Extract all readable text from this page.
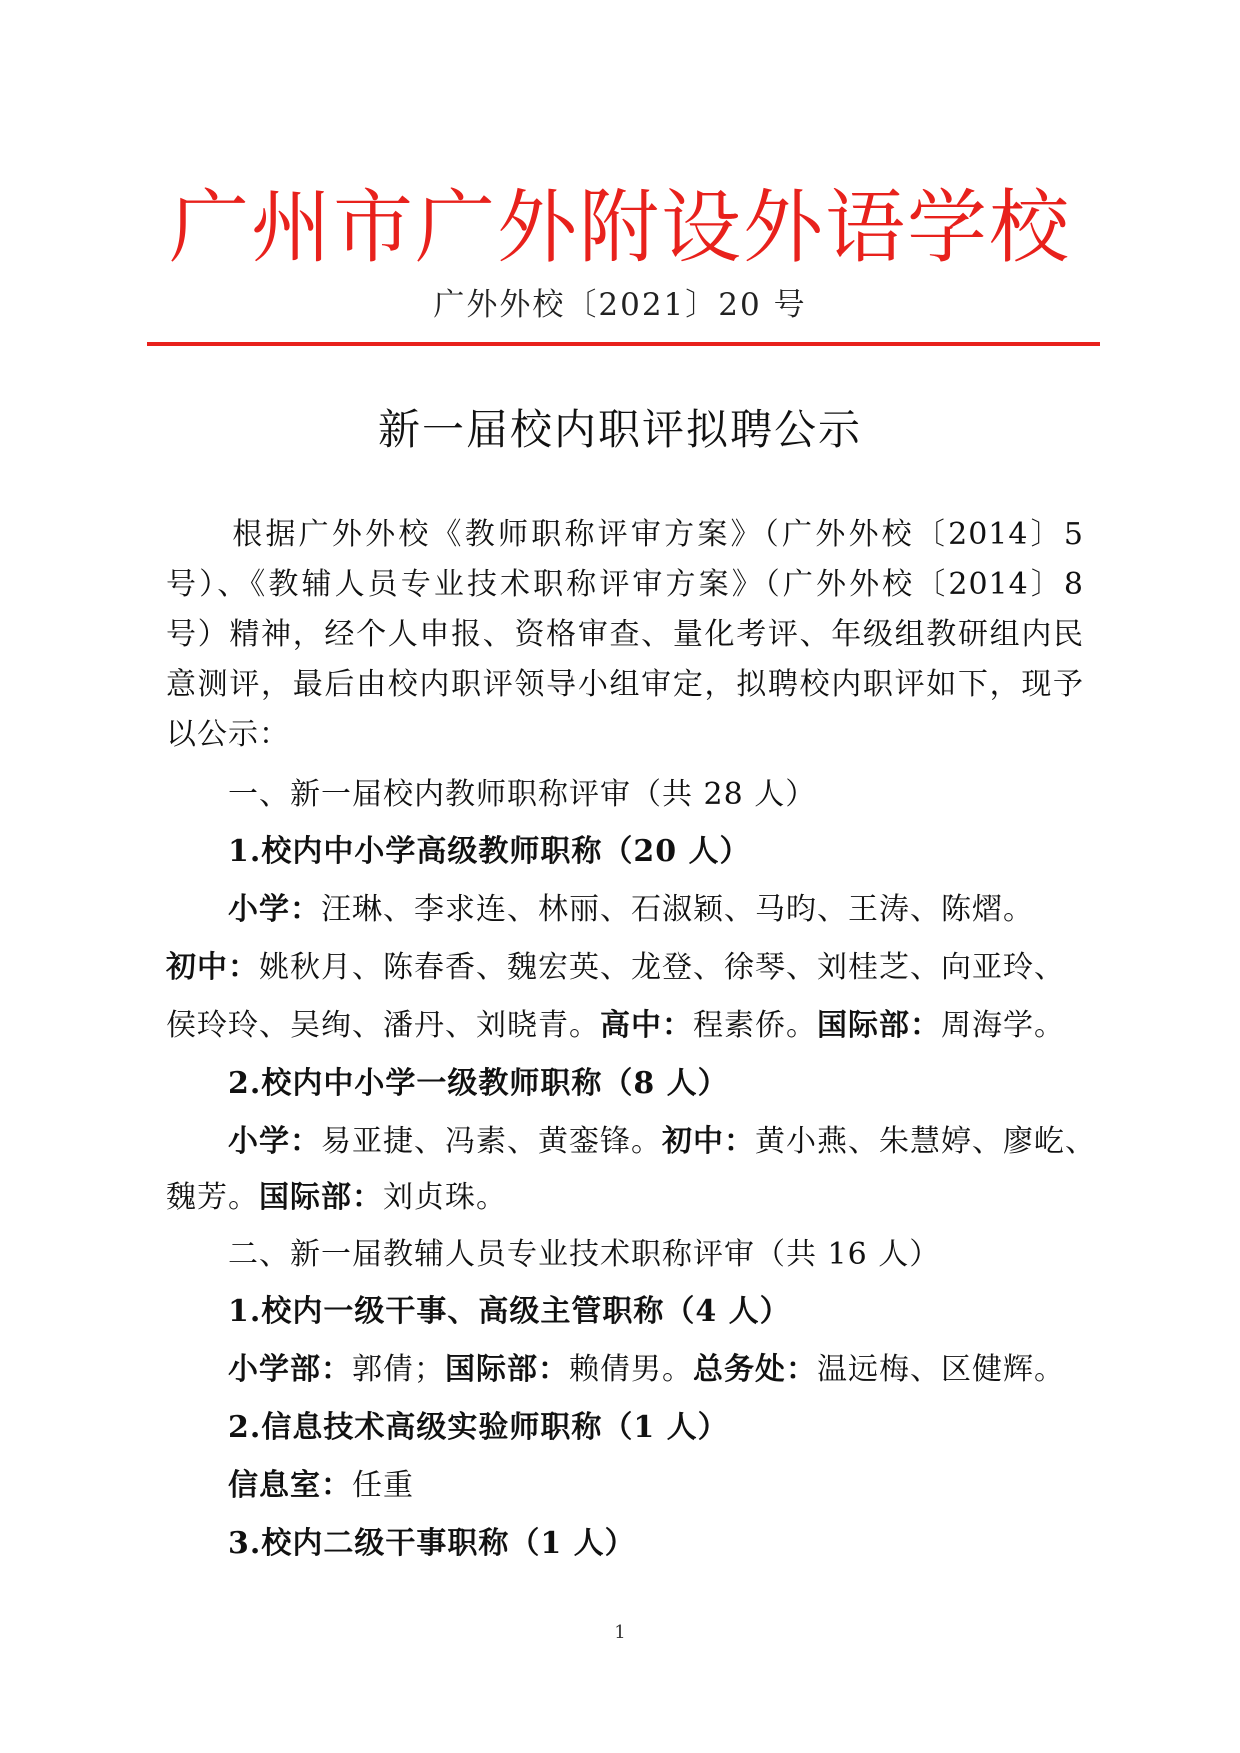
广州市广外附设外语学校
广外外校〔2021〕20 号
新一届校内职评拟聘公示
根据广外外校《教师职称评审方案》（广外外校〔2014〕5号）、《教辅人员专业技术职称评审方案》（广外外校〔2014〕8 号）精神，经个人申报、资格审查、量化考评、年级组教研组内民意测评，最后由校内职评领导小组审定，拟聘校内职评如下，现予以公示：
一、新一届校内教师职称评审（共 28 人）
1.校内中小学高级教师职称（20 人）
小学：汪琳、李求连、林丽、石淑颖、马昀、王涛、陈熠。
初中：姚秋月、陈春香、魏宏英、龙登、徐琴、刘桂芝、向亚玲、
侯玲玲、吴绚、潘丹、刘晓青。高中：程素侨。国际部：周海学。
2.校内中小学一级教师职称（8 人）
小学：易亚捷、冯素、黄銮锋。初中：黄小燕、朱慧婷、廖屹、
魏芳。国际部：刘贞珠。
二、新一届教辅人员专业技术职称评审（共 16 人）
1.校内一级干事、高级主管职称（4 人）
小学部：郭倩；国际部：赖倩男。总务处：温远梅、区健辉。
2.信息技术高级实验师职称（1 人）
信息室：任重
3.校内二级干事职称（1 人）
1
